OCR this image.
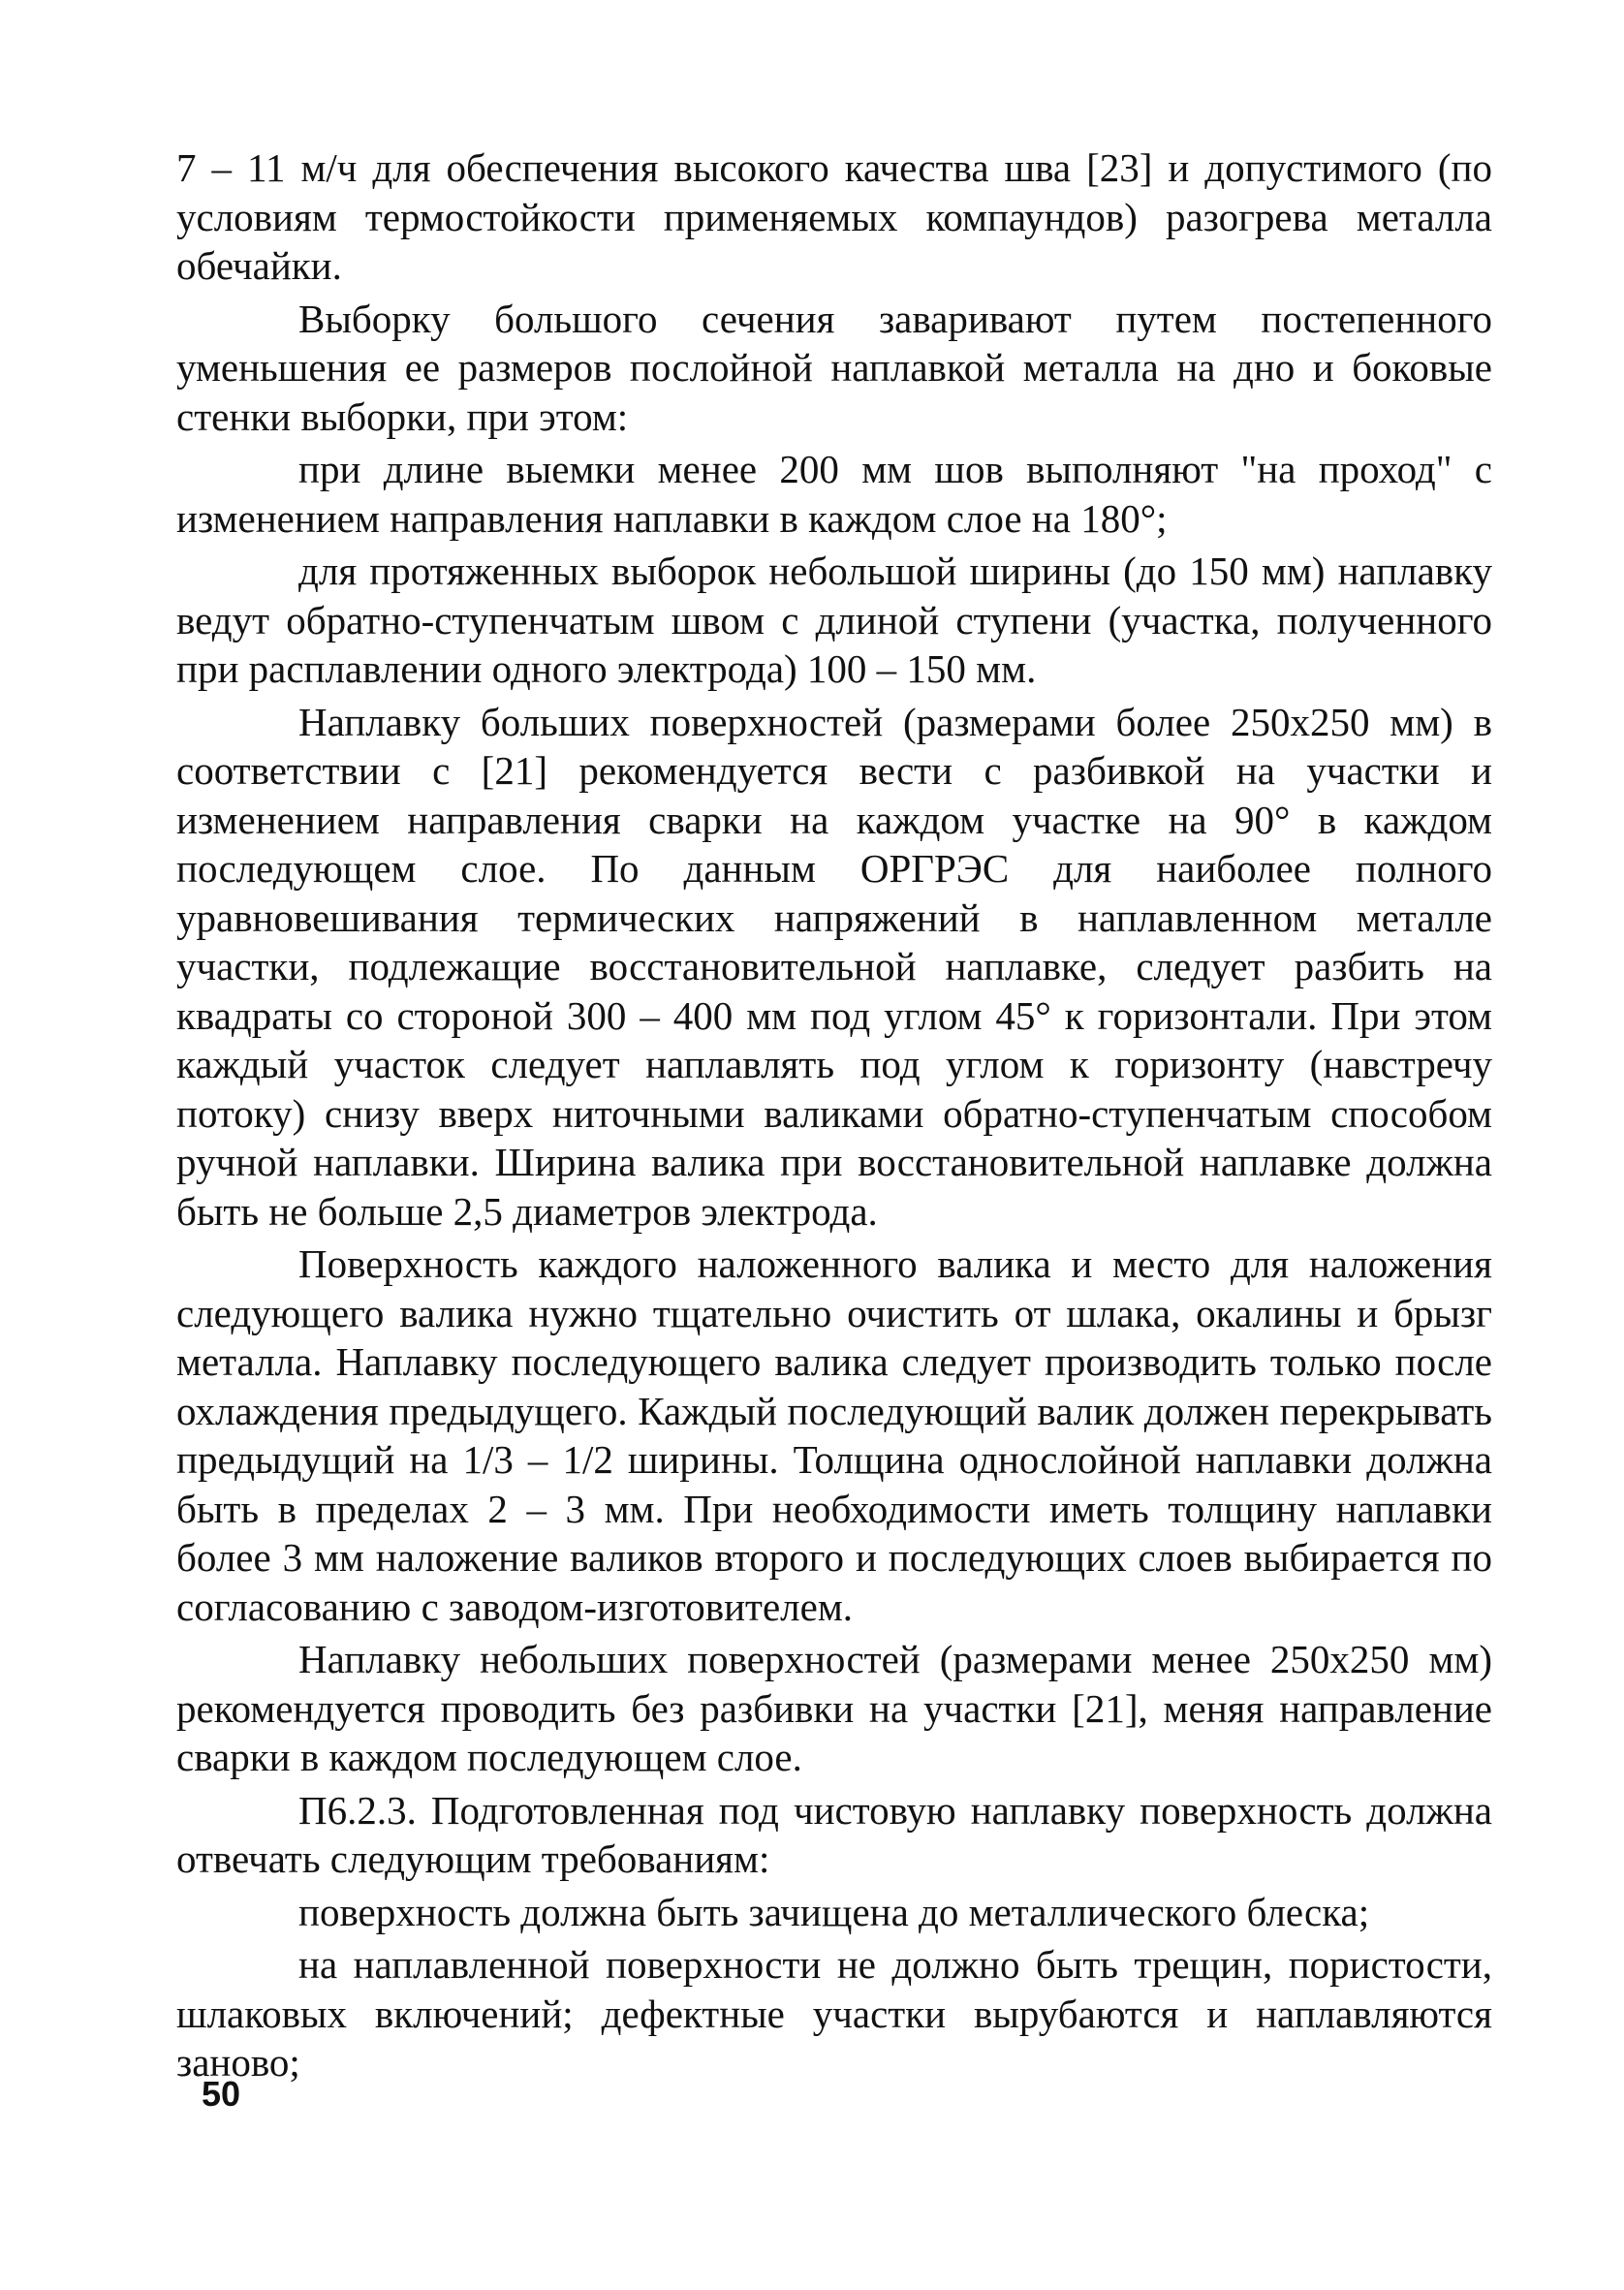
7 – 11 м/ч для обеспечения высокого качества шва [23] и допустимого (по условиям термостойкости применяемых компаундов) разогрева металла обечайки.

Выборку большого сечения заваривают путем постепенного уменьшения ее размеров послойной наплавкой металла на дно и боковые стенки выборки, при этом:

при длине выемки менее 200 мм шов выполняют "на проход" с изменением направления наплавки в каждом слое на 180°;

для протяженных выборок небольшой ширины (до 150 мм) наплавку ведут обратно-ступенчатым швом с длиной ступени (участка, полученного при расплавлении одного электрода) 100 – 150 мм.

Наплавку больших поверхностей (размерами более 250х250 мм) в соответствии с [21] рекомендуется вести с разбивкой на участки и изменением направления сварки на каждом участке на 90° в каждом последующем слое. По данным ОРГРЭС для наиболее полного уравновешивания термических напряжений в наплавленном металле участки, подлежащие восстановительной наплавке, следует разбить на квадраты со стороной 300 – 400 мм под углом 45° к горизонтали. При этом каждый участок следует наплавлять под углом к горизонту (навстречу потоку) снизу вверх ниточными валиками обратно-ступенчатым способом ручной наплавки. Ширина валика при восстановительной наплавке должна быть не больше 2,5 диаметров электрода.

Поверхность каждого наложенного валика и место для наложения следующего валика нужно тщательно очистить от шлака, окалины и брызг металла. Наплавку последующего валика следует производить только после охлаждения предыдущего. Каждый последующий валик должен перекрывать предыдущий на 1/3 – 1/2 ширины. Толщина однослойной наплавки должна быть в пределах 2 – 3 мм. При необходимости иметь толщину наплавки более 3 мм наложение валиков второго и последующих слоев выбирается по согласованию с заводом-изготовителем.

Наплавку небольших поверхностей (размерами менее 250х250 мм) рекомендуется проводить без разбивки на участки [21], меняя направление сварки в каждом последующем слое.

П6.2.3. Подготовленная под чистовую наплавку поверхность должна отвечать следующим требованиям:

поверхность должна быть зачищена до металлического блеска;

на наплавленной поверхности не должно быть трещин, пористости, шлаковых включений; дефектные участки вырубаются и наплавляются заново;

50
